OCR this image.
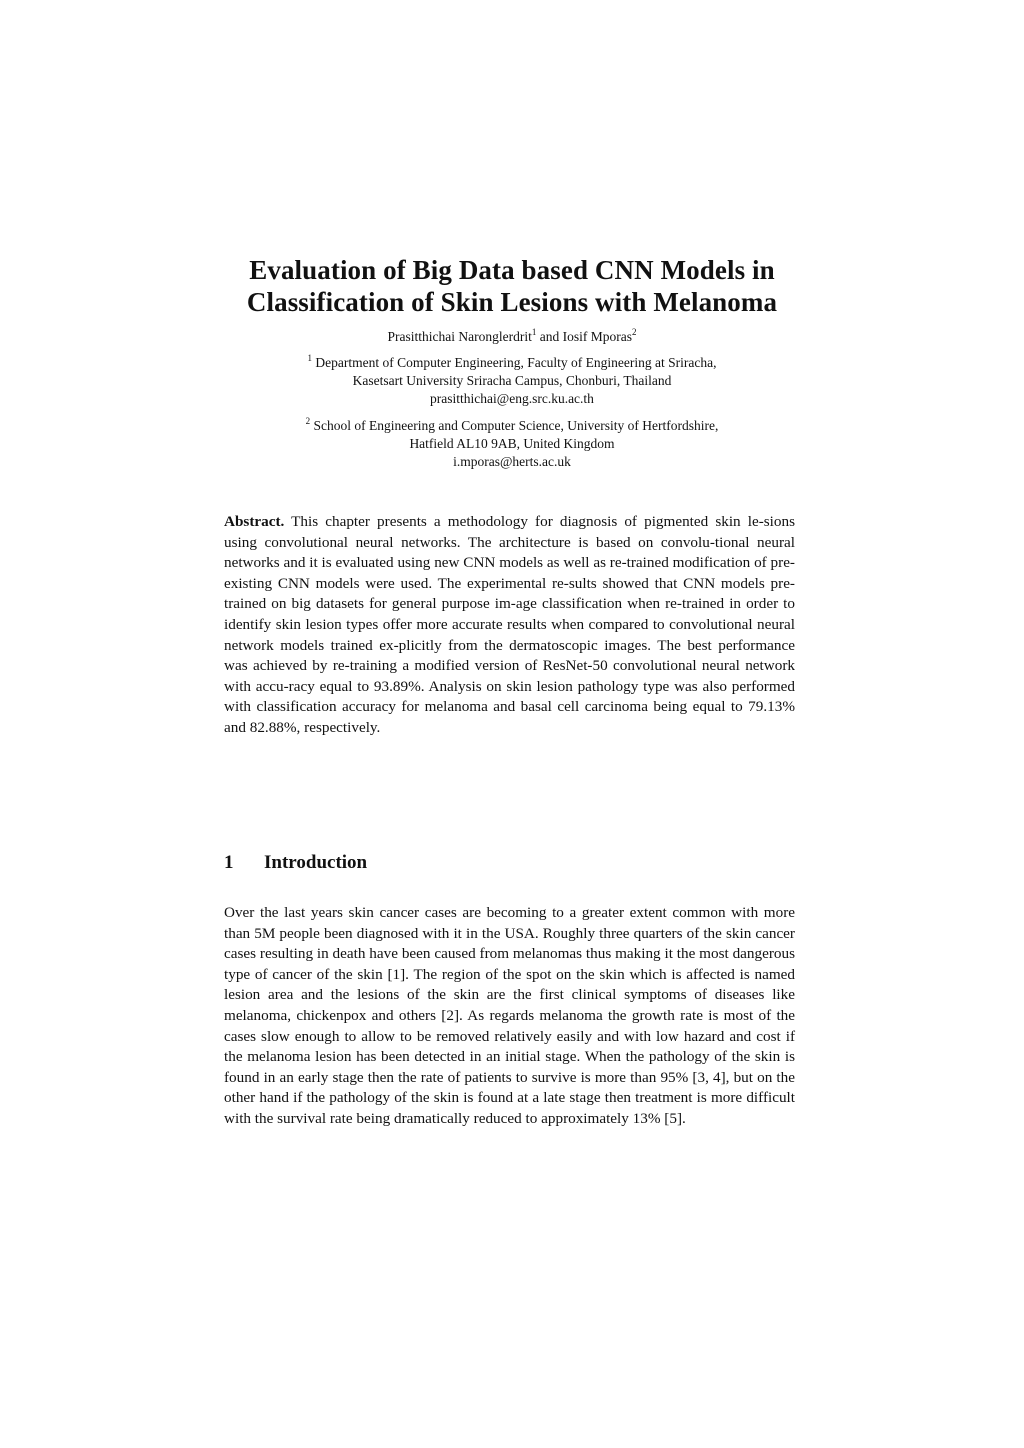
Evaluation of Big Data based CNN Models in
Classification of Skin Lesions with Melanoma
Prasitthichai Naronglerdrit$^1$ and Iosif Mporas$^2$
$^1$ Department of Computer Engineering, Faculty of Engineering at Sriracha,
Kasetsart University Sriracha Campus, Chonburi, Thailand
prasitthichai@eng.src.ku.ac.th
$^2$ School of Engineering and Computer Science, University of Hertfordshire,
Hatfield AL10 9AB, United Kingdom
i.mporas@herts.ac.uk
Abstract. This chapter presents a methodology for diagnosis of pigmented skin le-sions using convolutional neural networks. The architecture is based on convolu-tional neural networks and it is evaluated using new CNN models as well as re-trained modification of pre-existing CNN models were used. The experimental re-sults showed that CNN models pre-trained on big datasets for general purpose im-age classification when re-trained in order to identify skin lesion types offer more accurate results when compared to convolutional neural network models trained ex-plicitly from the dermatoscopic images. The best performance was achieved by re-training a modified version of ResNet-50 convolutional neural network with accu-racy equal to 93.89%. Analysis on skin lesion pathology type was also performed with classification accuracy for melanoma and basal cell carcinoma being equal to 79.13% and 82.88%, respectively.
1 Introduction
Over the last years skin cancer cases are becoming to a greater extent common with more than 5M people been diagnosed with it in the USA. Roughly three quarters of the skin cancer cases resulting in death have been caused from melanomas thus making it the most dangerous type of cancer of the skin [1]. The region of the spot on the skin which is affected is named lesion area and the lesions of the skin are the first clinical symptoms of diseases like melanoma, chickenpox and others [2]. As regards melanoma the growth rate is most of the cases slow enough to allow to be removed relatively easily and with low hazard and cost if the melanoma lesion has been detected in an initial stage. When the pathology of the skin is found in an early stage then the rate of patients to survive is more than 95% [3, 4], but on the other hand if the pathology of the skin is found at a late stage then treatment is more difficult with the survival rate being dramatically reduced to approximately 13% [5].
